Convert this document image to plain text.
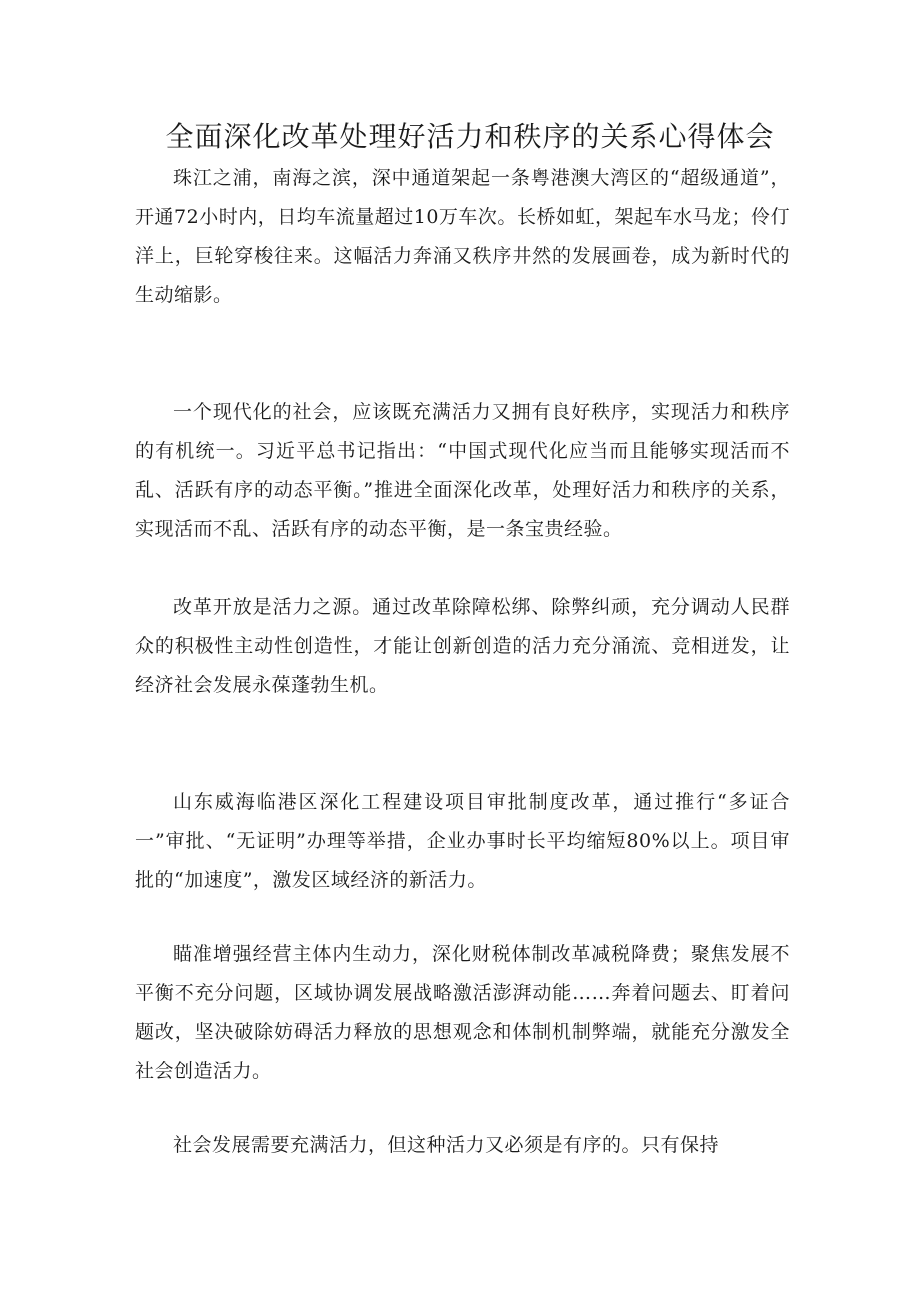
全面深化改革处理好活力和秩序的关系心得体会

珠江之浦，南海之滨，深中通道架起一条粤港澳大湾区的“超级通道”，开通72小时内，日均车流量超过10万车次。长桥如虹，架起车水马龙；伶仃洋上，巨轮穿梭往来。这幅活力奔涌又秩序井然的发展画卷，成为新时代的生动缩影。

一个现代化的社会，应该既充满活力又拥有良好秩序，实现活力和秩序的有机统一。习近平总书记指出：“中国式现代化应当而且能够实现活而不乱、活跃有序的动态平衡。”推进全面深化改革，处理好活力和秩序的关系，实现活而不乱、活跃有序的动态平衡，是一条宝贵经验。

改革开放是活力之源。通过改革除障松绑、除弊纠顽，充分调动人民群众的积极性主动性创造性，才能让创新创造的活力充分涌流、竞相迸发，让经济社会发展永葆蓬勃生机。

山东威海临港区深化工程建设项目审批制度改革，通过推行“多证合一”审批、“无证明”办理等举措，企业办事时长平均缩短80%以上。项目审批的“加速度”，激发区域经济的新活力。

瞄准增强经营主体内生动力，深化财税体制改革减税降费；聚焦发展不平衡不充分问题，区域协调发展战略激活澎湃动能……奔着问题去、盯着问题改，坚决破除妨碍活力释放的思想观念和体制机制弊端，就能充分激发全社会创造活力。

社会发展需要充满活力，但这种活力又必须是有序的。只有保持
